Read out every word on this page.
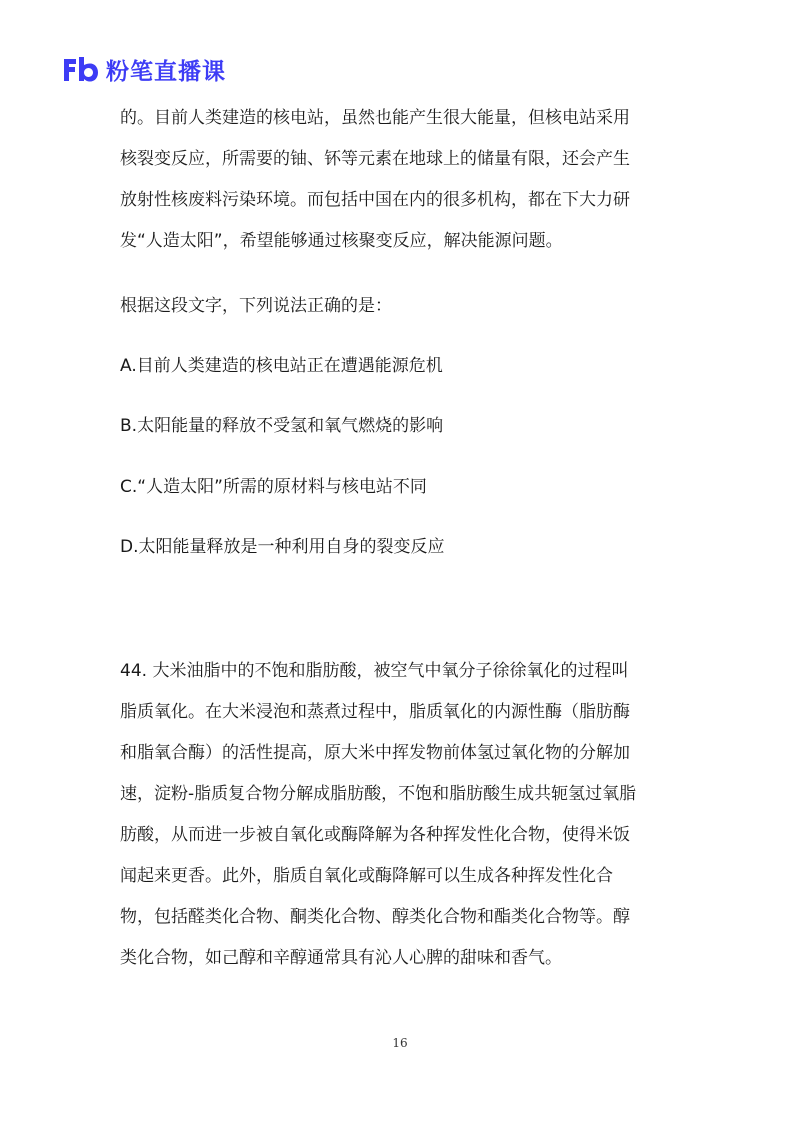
粉笔直播课

的。目前人类建造的核电站，虽然也能产生很大能量，但核电站采用
核裂变反应，所需要的铀、钚等元素在地球上的储量有限，还会产生
放射性核废料污染环境。而包括中国在内的很多机构，都在下大力研
发“人造太阳”，希望能够通过核聚变反应，解决能源问题。

根据这段文字，下列说法正确的是：
A.目前人类建造的核电站正在遭遇能源危机
B.太阳能量的释放不受氢和氧气燃烧的影响
C.“人造太阳”所需的原材料与核电站不同
D.太阳能量释放是一种利用自身的裂变反应
44. 大米油脂中的不饱和脂肪酸，被空气中氧分子徐徐氧化的过程叫
脂质氧化。在大米浸泡和蒸煮过程中，脂质氧化的内源性酶（脂肪酶
和脂氧合酶）的活性提高，原大米中挥发物前体氢过氧化物的分解加
速，淀粉-脂质复合物分解成脂肪酸，不饱和脂肪酸生成共轭氢过氧脂
肪酸，从而进一步被自氧化或酶降解为各种挥发性化合物，使得米饭
闻起来更香。此外，脂质自氧化或酶降解可以生成各种挥发性化合
物，包括醛类化合物、酮类化合物、醇类化合物和酯类化合物等。醇
类化合物，如己醇和辛醇通常具有沁人心脾的甜味和香气。
16
